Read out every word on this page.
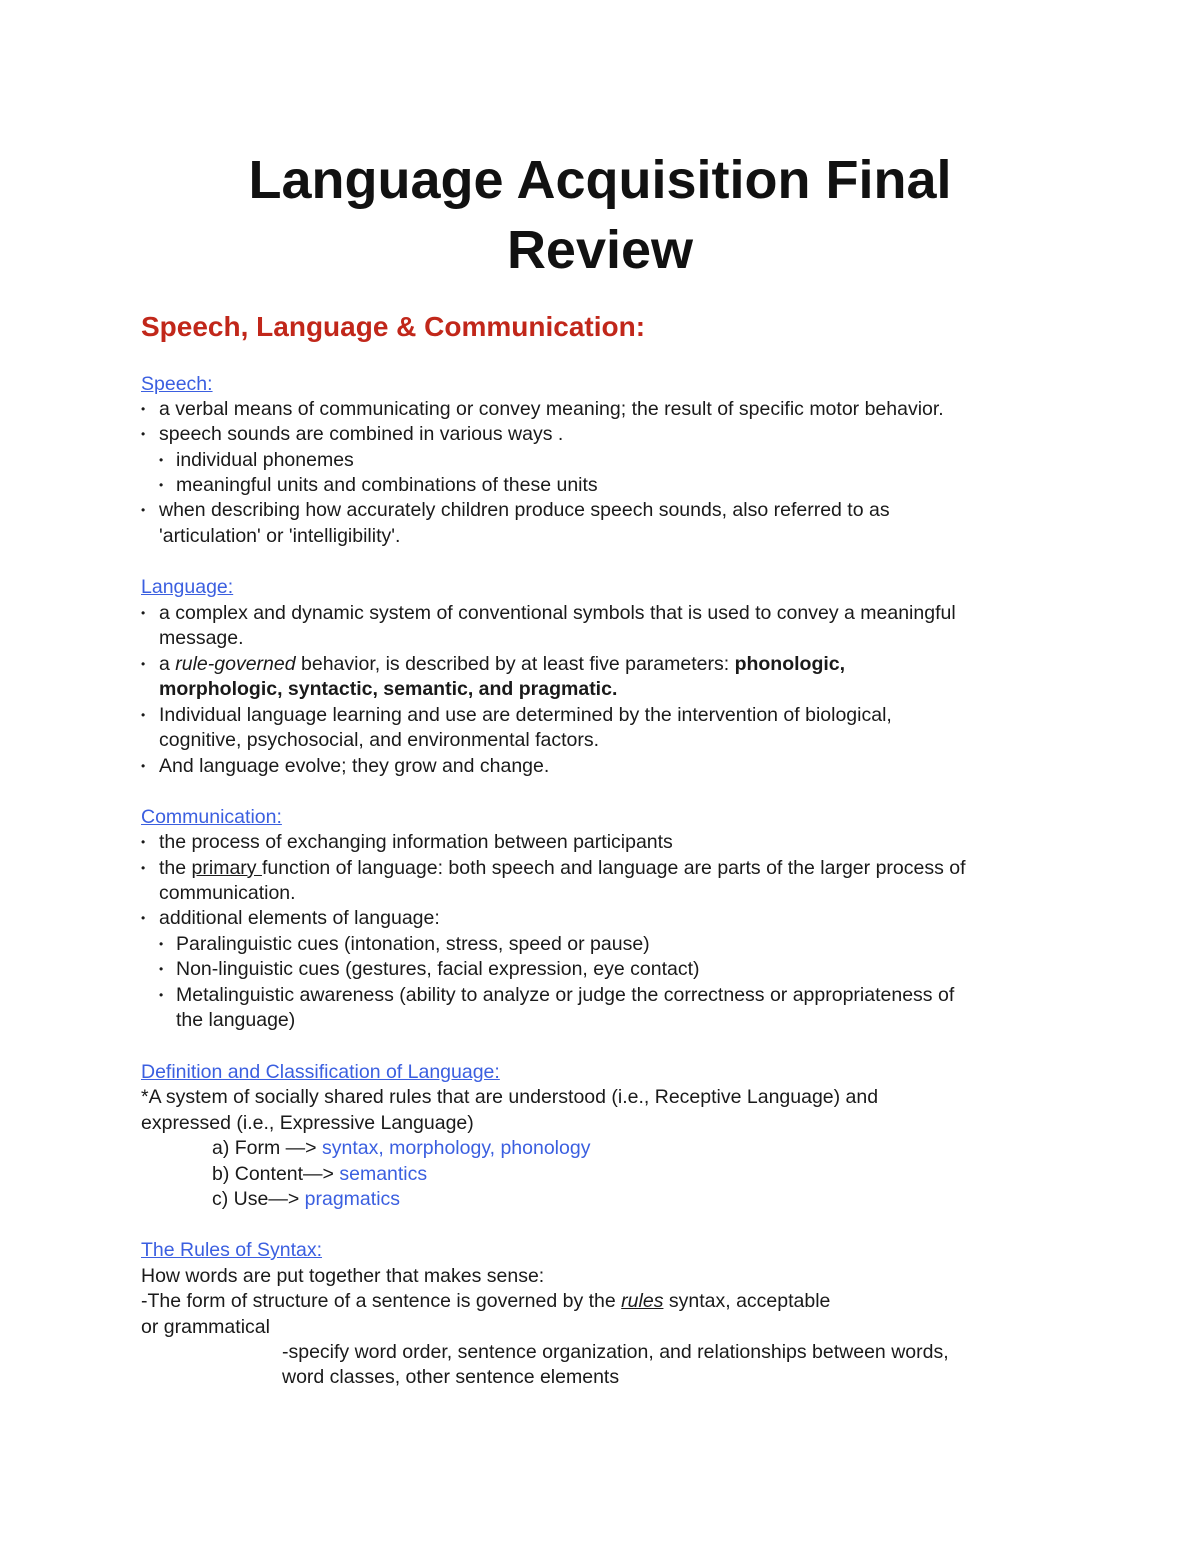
Language Acquisition Final
Review
Speech, Language & Communication:
Speech:
• a verbal means of communicating or convey meaning; the result of specific motor behavior.
• speech sounds are combined in various ways .
• individual phonemes
• meaningful units and combinations of these units
• when describing how accurately children produce speech sounds, also referred to as
'articulation' or 'intelligibility'.
Language:
• a complex and dynamic system of conventional symbols that is used to convey a meaningful
message.
• a rule-governed behavior, is described by at least five parameters: phonologic,
morphologic, syntactic, semantic, and pragmatic.
• Individual language learning and use are determined by the intervention of biological,
cognitive, psychosocial, and environmental factors.
• And language evolve; they grow and change.
Communication:
• the process of exchanging information between participants
• the primary function of language: both speech and language are parts of the larger process of
communication.
• additional elements of language:
• Paralinguistic cues (intonation, stress, speed or pause)
• Non-linguistic cues (gestures, facial expression, eye contact)
• Metalinguistic awareness (ability to analyze or judge the correctness or appropriateness of
the language)
Definition and Classification of Language:
*A system of socially shared rules that are understood (i.e., Receptive Language) and
expressed (i.e., Expressive Language)
a) Form —> syntax, morphology, phonology
b) Content—> semantics
c) Use—> pragmatics
The Rules of Syntax:
How words are put together that makes sense:
-The form of structure of a sentence is governed by the rules syntax, acceptable
or grammatical
-specify word order, sentence organization, and relationships between words,
word classes, other sentence elements
